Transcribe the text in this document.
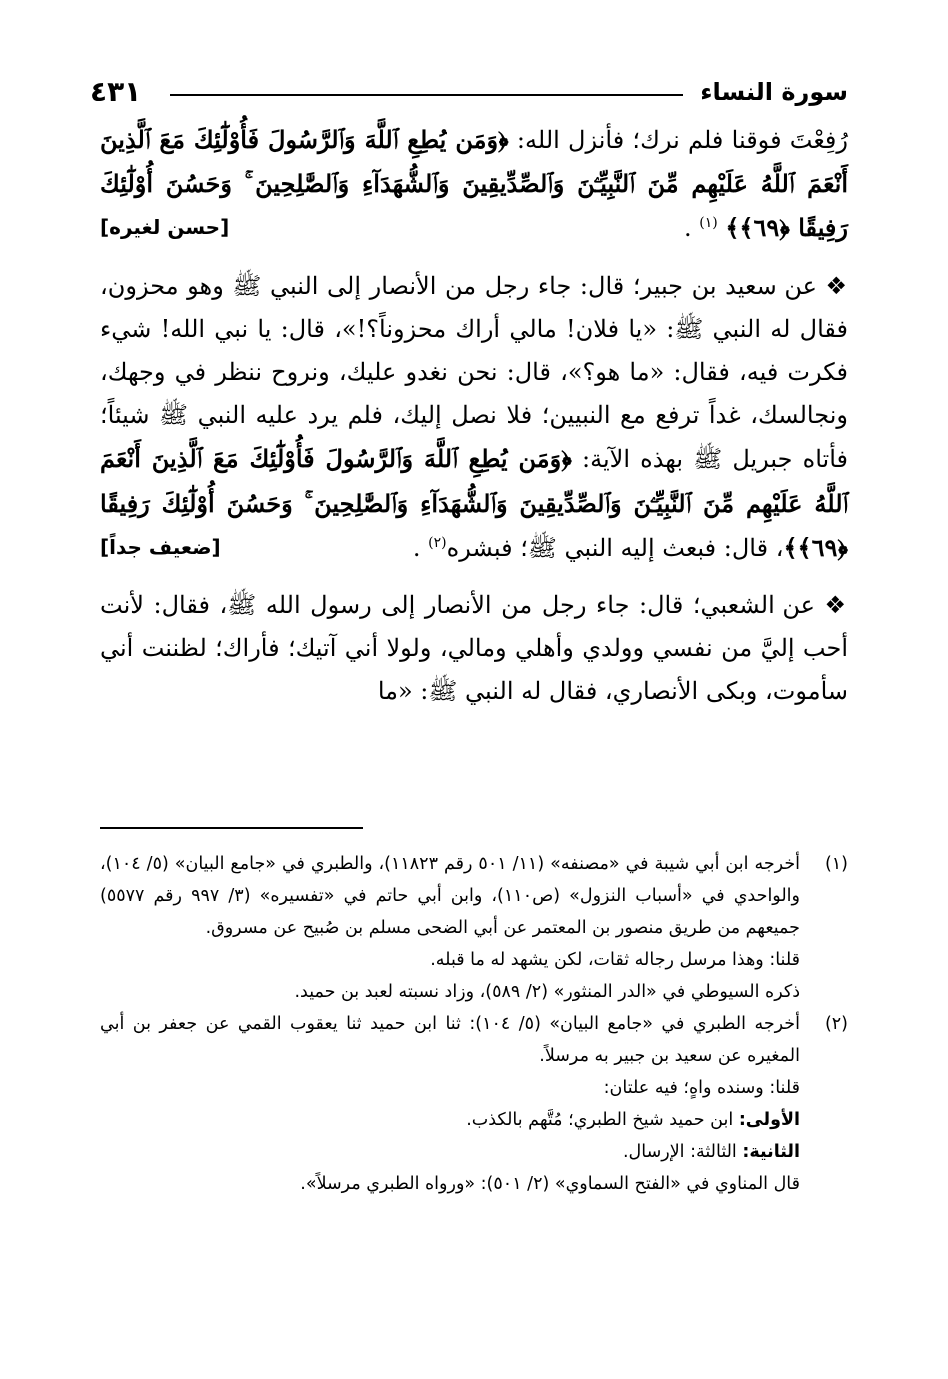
٤٣١	سورة النساء

رُفِعْتَ فوقنا فلم نرك؛ فأنزل الله: ﴿وَمَن يُطِعِ ٱللَّهَ وَٱلرَّسُولَ فَأُوْلَٰٓئِكَ مَعَ ٱلَّذِينَ أَنْعَمَ ٱللَّهُ عَلَيْهِم مِّنَ ٱلنَّبِيِّـۧنَ وَٱلصِّدِّيقِينَ وَٱلشُّهَدَآءِ وَٱلصَّٰلِحِينَ ۚ وَحَسُنَ أُوْلَٰٓئِكَ رَفِيقًا ﴿٦٩﴾﴾ $^{(١)}$ .
[حسن لغيره]

❖ عن سعيد بن جبير؛ قال: جاء رجل من الأنصار إلى النبي ﷺ وهو محزون، فقال له النبي ﷺ: «يا فلان! مالي أراك محزوناً؟!»، قال: يا نبي الله! شيء فكرت فيه، فقال: «ما هو؟»، قال: نحن نغدو عليك، ونروح ننظر في وجهك، ونجالسك، غداً ترفع مع النبيين؛ فلا نصل إليك، فلم يرد عليه النبي ﷺ شيئاً؛ فأتاه جبريل ﷺ بهذه الآية: ﴿وَمَن يُطِعِ ٱللَّهَ وَٱلرَّسُولَ فَأُوْلَٰٓئِكَ مَعَ ٱلَّذِينَ أَنْعَمَ ٱللَّهُ عَلَيْهِم مِّنَ ٱلنَّبِيِّـۧنَ وَٱلصِّدِّيقِينَ وَٱلشُّهَدَآءِ وَٱلصَّٰلِحِينَ ۚ وَحَسُنَ أُوْلَٰٓئِكَ رَفِيقًا ﴿٦٩﴾﴾، قال: فبعث إليه النبي ﷺ؛ فبشره$^{(٢)}$ .
[ضعيف جداً]

❖ عن الشعبي؛ قال: جاء رجل من الأنصار إلى رسول الله ﷺ، فقال: لأنت أحب إليَّ من نفسي وولدي وأهلي ومالي، ولولا أني آتيك؛ فأراك؛ لظننت أني سأموت، وبكى الأنصاري، فقال له النبي ﷺ: «ما

(١)

أخرجه ابن أبي شيبة في «مصنفه» (١١/ ٥٠١ رقم ١١٨٢٣)، والطبري في «جامع البيان» (٥/ ١٠٤)، والواحدي في «أسباب النزول» (ص١١٠)، وابن أبي حاتم في «تفسيره» (٣/ ٩٩٧ رقم ٥٥٧٧) جميعهم من طريق منصور بن المعتمر عن أبي الضحى مسلم بن صُبيح عن مسروق.

قلنا: وهذا مرسل رجاله ثقات، لكن يشهد له ما قبله.

ذكره السيوطي في «الدر المنثور» (٢/ ٥٨٩)، وزاد نسبته لعبد بن حميد.

(٢)

أخرجه الطبري في «جامع البيان» (٥/ ١٠٤): ثنا ابن حميد ثنا يعقوب القمي عن جعفر بن أبي المغيره عن سعيد بن جبير به مرسلاً.

قلنا: وسنده واهٍ؛ فيه علتان:

الأولى: ابن حميد شيخ الطبري؛ مُتَّهم بالكذب.

الثانية: الثالثة: الإرسال.

قال المناوي في «الفتح السماوي» (٢/ ٥٠١): «ورواه الطبري مرسلاً».
